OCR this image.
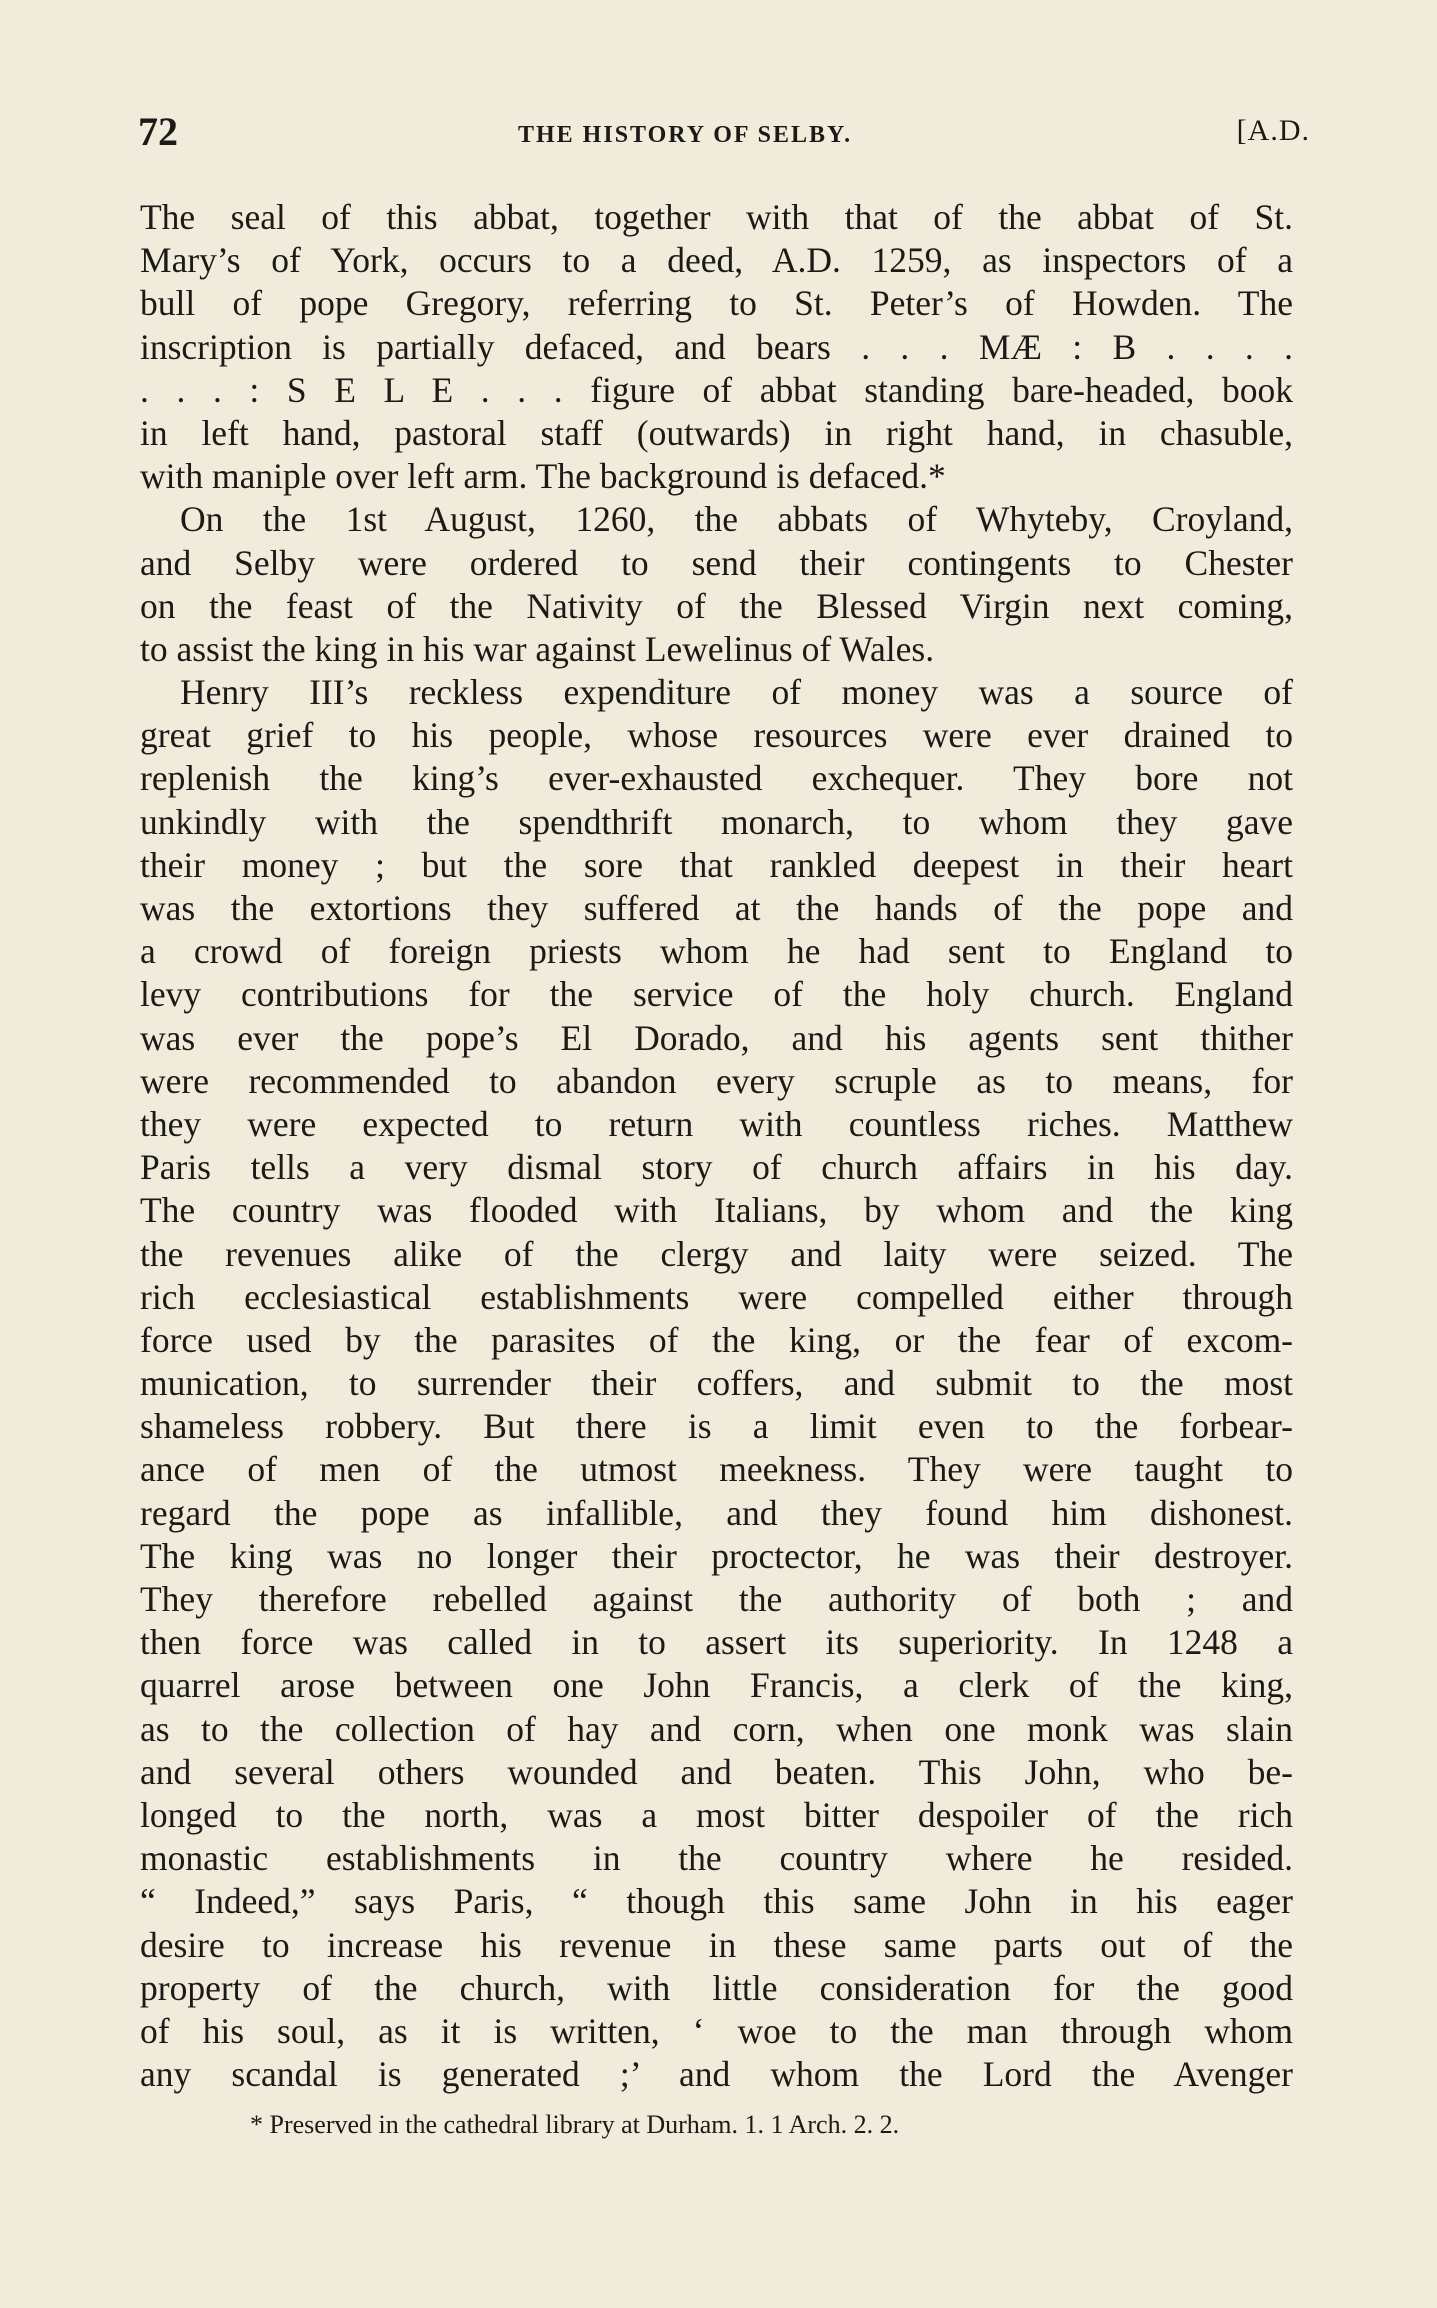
72	THE HISTORY OF SELBY.	[A.D.
The seal of this abbat, together with that of the abbat of St.
Mary’s of York, occurs to a deed, A.D. 1259, as inspectors of a
bull of pope Gregory, referring to St. Peter’s of Howden. The
inscription is partially defaced, and bears . . . MÆ : B . . . .
. . . : S E L E . . . figure of abbat standing bare-headed, book
in left hand, pastoral staff (outwards) in right hand, in chasuble,
with maniple over left arm. The background is defaced.*
On the 1st August, 1260, the abbats of Whyteby, Croyland,
and Selby were ordered to send their contingents to Chester
on the feast of the Nativity of the Blessed Virgin next coming,
to assist the king in his war against Lewelinus of Wales.
Henry III’s reckless expenditure of money was a source of
great grief to his people, whose resources were ever drained to
replenish the king’s ever-exhausted exchequer. They bore not
unkindly with the spendthrift monarch, to whom they gave
their money ; but the sore that rankled deepest in their heart
was the extortions they suffered at the hands of the pope and
a crowd of foreign priests whom he had sent to England to
levy contributions for the service of the holy church. England
was ever the pope’s El Dorado, and his agents sent thither
were recommended to abandon every scruple as to means, for
they were expected to return with countless riches. Matthew
Paris tells a very dismal story of church affairs in his day.
The country was flooded with Italians, by whom and the king
the revenues alike of the clergy and laity were seized. The
rich ecclesiastical establishments were compelled either through
force used by the parasites of the king, or the fear of excom-
munication, to surrender their coffers, and submit to the most
shameless robbery. But there is a limit even to the forbear-
ance of men of the utmost meekness. They were taught to
regard the pope as infallible, and they found him dishonest.
The king was no longer their proctector, he was their destroyer.
They therefore rebelled against the authority of both ; and
then force was called in to assert its superiority. In 1248 a
quarrel arose between one John Francis, a clerk of the king,
as to the collection of hay and corn, when one monk was slain
and several others wounded and beaten. This John, who be-
longed to the north, was a most bitter despoiler of the rich
monastic establishments in the country where he resided.
“ Indeed,” says Paris, “ though this same John in his eager
desire to increase his revenue in these same parts out of the
property of the church, with little consideration for the good
of his soul, as it is written, ‘ woe to the man through whom
any scandal is generated ;’ and whom the Lord the Avenger
* Preserved in the cathedral library at Durham. 1. 1 Arch. 2. 2.
